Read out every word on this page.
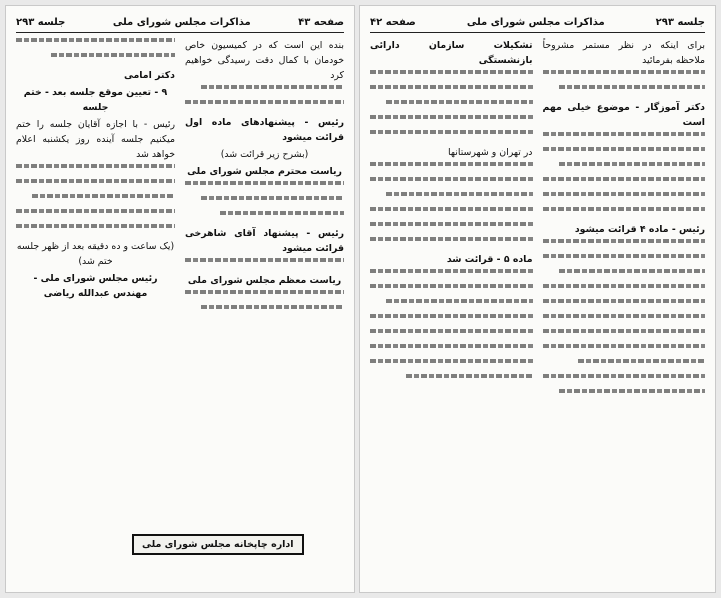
صفحه ۴۳
مذاکرات مجلس شورای ملی
جلسه ۲۹۳

بنده این است که در کمیسیون خاص خودمان با کمال دقت رسیدگی خواهیم کرد

رئیس - پیشنهادهای ماده اول قرائت میشود

(بشرح زیر قرائت شد)

ریاست محترم مجلس شورای ملی

رئیس - پیشنهاد آقای شاهرخی قرائت میشود

ریاست معظم مجلس شورای ملی

دکتر امامی

۹ - تعیین موقع جلسه بعد - ختم جلسه

رئیس - با اجازه آقایان جلسه را ختم میکنیم جلسه آینده روز یکشنبه اعلام خواهد شد

(یک ساعت و ده دقیقه بعد از ظهر جلسه ختم شد)

رئیس مجلس شورای ملی - مهندس عبدالله ریاضی

اداره چاپخانه مجلس شورای ملی
جلسه ۲۹۳
مذاکرات مجلس شورای ملی
صفحه ۴۲

برای اینکه در نظر مستمر مشروحاً ملاحظه بفرمائید

دکتر آموزگار - موضوع خیلی مهم است

رئیس - ماده ۴ قرائت میشود

تشکیلات سازمان دارائی بازنشستگی

در تهران و شهرستانها

ماده ۵ - قرائت شد
